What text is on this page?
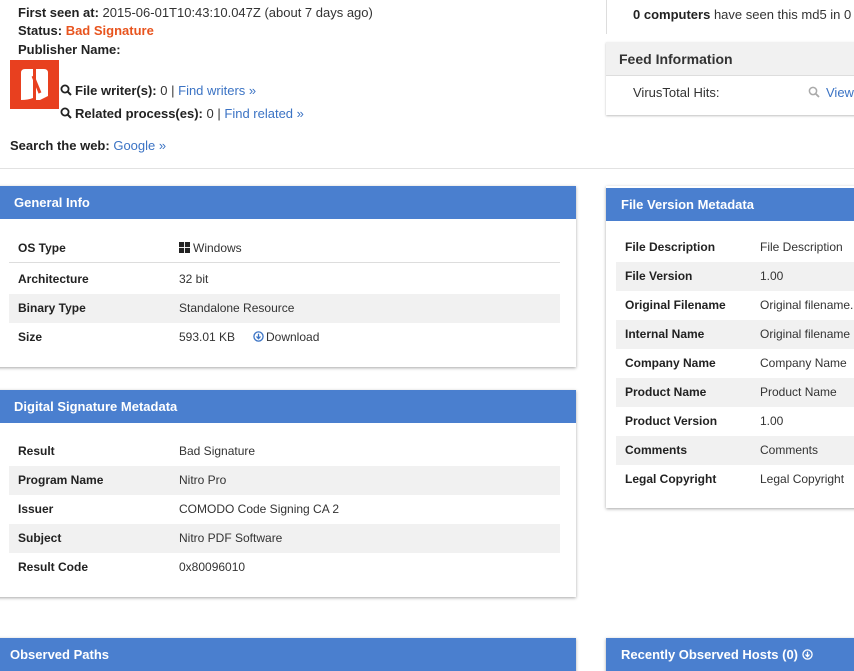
First seen at: 2015-06-01T10:43:10.047Z (about 7 days ago)
Status: Bad Signature
Publisher Name:
File writer(s): 0 | Find writers »
Related process(es): 0 | Find related »
Search the web: Google »
0 computers have seen this md5 in 0
Feed Information
VirusTotal Hits:	View
General Info
OS Type	Windows
Architecture	32 bit
Binary Type	Standalone Resource
Size	593.01 KB	Download
Digital Signature Metadata
Result	Bad Signature
Program Name	Nitro Pro
Issuer	COMODO Code Signing CA 2
Subject	Nitro PDF Software
Result Code	0x80096010
File Version Metadata
File Description	File Description
File Version	1.00
Original Filename	Original filename.
Internal Name	Original filename
Company Name	Company Name
Product Name	Product Name
Product Version	1.00
Comments	Comments
Legal Copyright	Legal Copyright
Observed Paths	Recently Observed Hosts (0)
